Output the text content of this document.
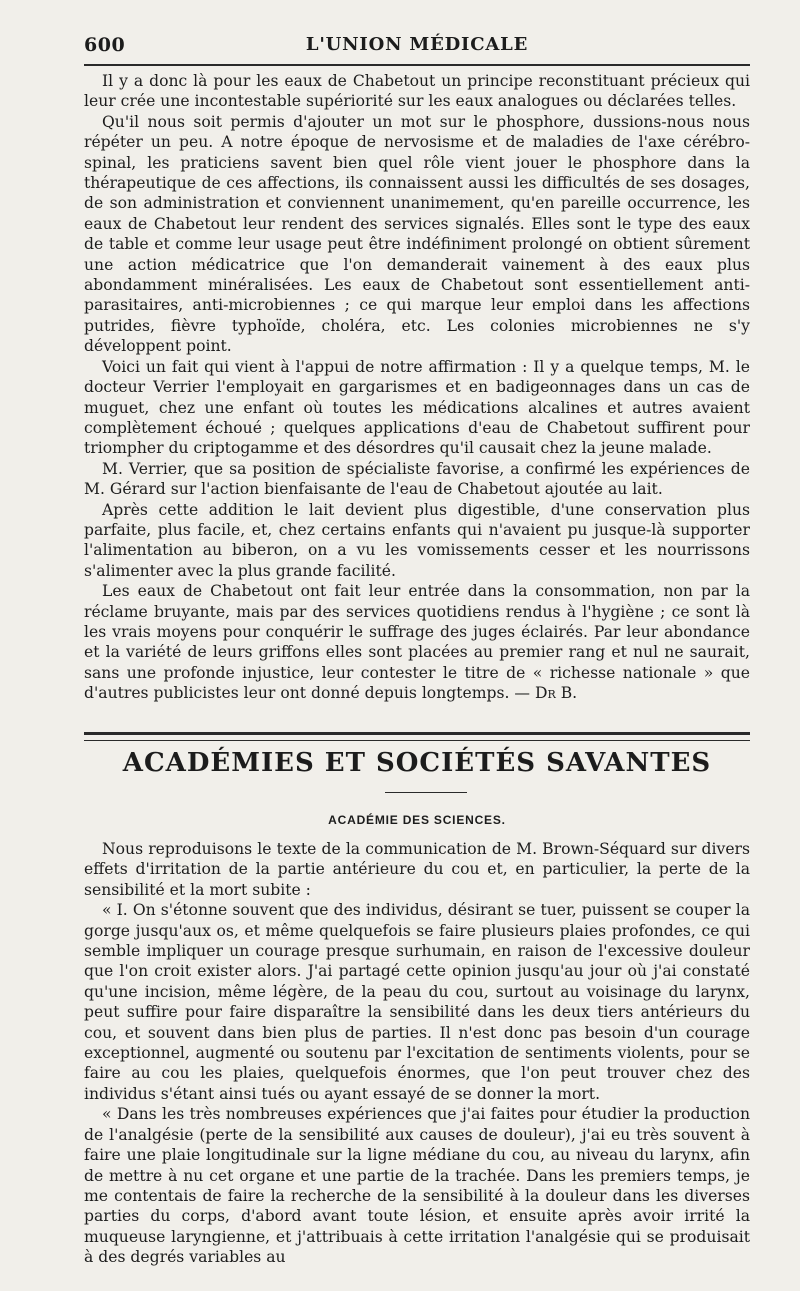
600	L'UNION MÉDICALE

Il y a donc là pour les eaux de Chabetout un principe reconstituant précieux qui leur crée une incontestable supériorité sur les eaux analogues ou déclarées telles.

Qu'il nous soit permis d'ajouter un mot sur le phosphore, dussions-nous nous répéter un peu. A notre époque de nervosisme et de maladies de l'axe cérébro-spinal, les praticiens savent bien quel rôle vient jouer le phosphore dans la thérapeutique de ces affections, ils connaissent aussi les difficultés de ses dosages, de son administration et conviennent unanimement, qu'en pareille occurrence, les eaux de Chabetout leur rendent des services signalés. Elles sont le type des eaux de table et comme leur usage peut être indéfiniment prolongé on obtient sûrement une action médicatrice que l'on demanderait vainement à des eaux plus abondamment minéralisées. Les eaux de Chabetout sont essentiellement anti-parasitaires, anti-microbiennes ; ce qui marque leur emploi dans les affections putrides, fièvre typhoïde, choléra, etc. Les colonies microbiennes ne s'y développent point.

Voici un fait qui vient à l'appui de notre affirmation : Il y a quelque temps, M. le docteur Verrier l'employait en gargarismes et en badigeonnages dans un cas de muguet, chez une enfant où toutes les médications alcalines et autres avaient complètement échoué ; quelques applications d'eau de Chabetout suffirent pour triompher du criptogamme et des désordres qu'il causait chez la jeune malade.

M. Verrier, que sa position de spécialiste favorise, a confirmé les expériences de M. Gérard sur l'action bienfaisante de l'eau de Chabetout ajoutée au lait.

Après cette addition le lait devient plus digestible, d'une conservation plus parfaite, plus facile, et, chez certains enfants qui n'avaient pu jusque-là supporter l'alimentation au biberon, on a vu les vomissements cesser et les nourrissons s'alimenter avec la plus grande facilité.

Les eaux de Chabetout ont fait leur entrée dans la consommation, non par la réclame bruyante, mais par des services quotidiens rendus à l'hygiène ; ce sont là les vrais moyens pour conquérir le suffrage des juges éclairés. Par leur abondance et la variété de leurs griffons elles sont placées au premier rang et nul ne saurait, sans une profonde injustice, leur contester le titre de « richesse nationale » que d'autres publicistes leur ont donné depuis longtemps. — Dr B.

ACADÉMIES ET SOCIÉTÉS SAVANTES
ACADÉMIE DES SCIENCES.

Nous reproduisons le texte de la communication de M. Brown-Séquard sur divers effets d'irritation de la partie antérieure du cou et, en particulier, la perte de la sensibilité et la mort subite :

« I. On s'étonne souvent que des individus, désirant se tuer, puissent se couper la gorge jusqu'aux os, et même quelquefois se faire plusieurs plaies profondes, ce qui semble impliquer un courage presque surhumain, en raison de l'excessive douleur que l'on croit exister alors. J'ai partagé cette opinion jusqu'au jour où j'ai constaté qu'une incision, même légère, de la peau du cou, surtout au voisinage du larynx, peut suffire pour faire disparaître la sensibilité dans les deux tiers antérieurs du cou, et souvent dans bien plus de parties. Il n'est donc pas besoin d'un courage exceptionnel, augmenté ou soutenu par l'excitation de sentiments violents, pour se faire au cou les plaies, quelquefois énormes, que l'on peut trouver chez des individus s'étant ainsi tués ou ayant essayé de se donner la mort.

« Dans les très nombreuses expériences que j'ai faites pour étudier la production de l'analgésie (perte de la sensibilité aux causes de douleur), j'ai eu très souvent à faire une plaie longitudinale sur la ligne médiane du cou, au niveau du larynx, afin de mettre à nu cet organe et une partie de la trachée. Dans les premiers temps, je me contentais de faire la recherche de la sensibilité à la douleur dans les diverses parties du corps, d'abord avant toute lésion, et ensuite après avoir irrité la muqueuse laryngienne, et j'attribuais à cette irritation l'analgésie qui se produisait à des degrés variables au
